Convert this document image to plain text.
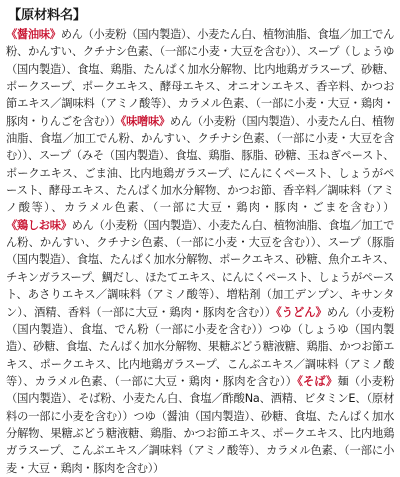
【原材料名】
《醤油味》めん（小麦粉（国内製造）、小麦たん白、植物油脂、食塩／加工でん粉、かんすい、クチナシ色素、（一部に小麦・大豆を含む））、スープ（しょうゆ（国内製造）、食塩、鶏脂、たんぱく加水分解物、比内地鶏ガラスープ、砂糖、ポークスープ、ポークエキス、酵母エキス、オニオンエキス、香辛料、かつお節エキス／調味料（アミノ酸等）、カラメル色素、（一部に小麦・大豆・鶏肉・豚肉・りんごを含む））《味噌味》めん（小麦粉（国内製造）、小麦たん白、植物油脂、食塩／加工でん粉、かんすい、クチナシ色素、（一部に小麦・大豆を含む））、スープ（みそ（国内製造）、食塩、鶏脂、豚脂、砂糖、玉ねぎペースト、ポークエキス、ごま油、比内地鶏ガラスープ、にんにくペースト、しょうがペースト、酵母エキス、たんぱく加水分解物、かつお節、香辛料／調味料（アミノ酸等）、カラメル色素、（一部に大豆・鶏肉・豚肉・ごまを含む））《鶏しお味》めん（小麦粉（国内製造）、小麦たん白、植物油脂、食塩／加工でん粉、かんすい、クチナシ色素、（一部に小麦・大豆を含む））、スープ（豚脂（国内製造）、食塩、たんぱく加水分解物、ポークエキス、砂糖、魚介エキス、チキンガラスープ、鯛だし、ほたてエキス、にんにくペースト、しょうがペースト、あさりエキス／調味料（アミノ酸等）、増粘剤（加工デンプン、キサンタン）、酒精、香料（一部に大豆・鶏肉・豚肉を含む））《うどん》めん（小麦粉（国内製造）、食塩、でん粉（一部に小麦を含む））つゆ（しょうゆ（国内製造）、砂糖、食塩、たんぱく加水分解物、果糖ぶどう糖液糖、鶏脂、かつお節エキス、ポークエキス、比内地鶏ガラスープ、こんぶエキス／調味料（アミノ酸等）、カラメル色素、（一部に大豆・鶏肉・豚肉を含む））《そば》麺（小麦粉（国内製造）、そば粉、小麦たん白、食塩／酢酸Na、酒精、ビタミンE、（原材料の一部に小麦を含む））つゆ（醤油（国内製造）、砂糖、食塩、たんぱく加水分解物、果糖ぶどう糖液糖、鶏脂、かつお節エキス、ポークエキス、比内地鶏ガラスープ、こんぶエキス／調味料（アミノ酸等）、カラメル色素、（一部に小麦・大豆・鶏肉・豚肉を含む））
